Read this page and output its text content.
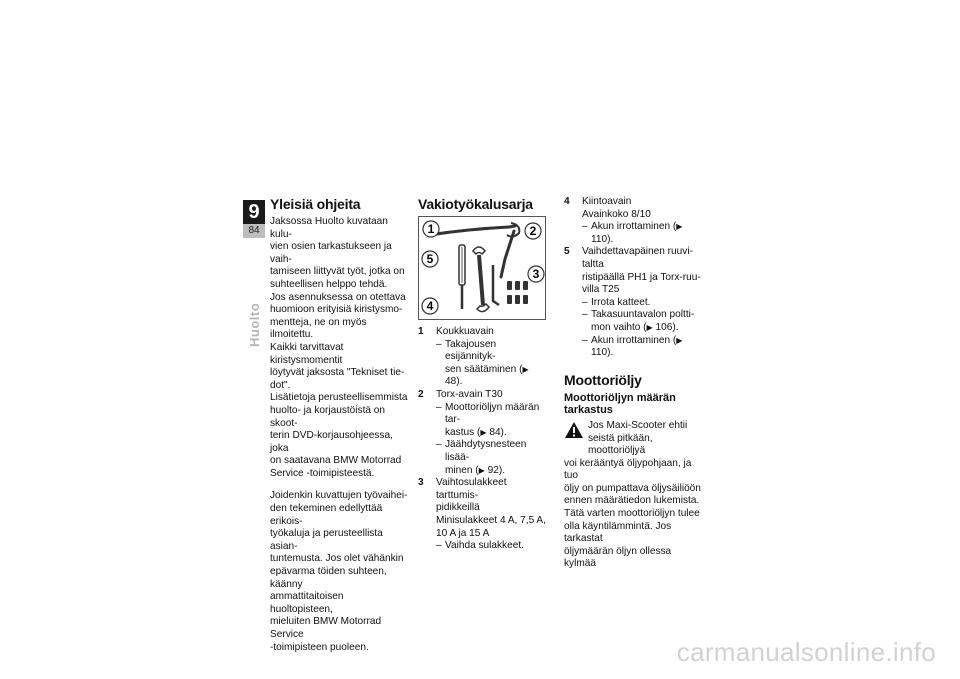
9
84
Huolto
Yleisiä ohjeita

Jaksossa Huolto kuvataan kulu-
vien osien tarkastukseen ja vaih-
tamiseen liittyvät työt, jotka on
suhteellisen helppo tehdä.

Jos asennuksessa on otettava
huomioon erityisiä kiristysmo-
mentteja, ne on myös ilmoitettu.
Kaikki tarvittavat kiristysmomentit
löytyvät jaksosta "Tekniset tie-
dot".

Lisätietoja perusteellisemmista
huolto- ja korjaustöistä on skoot-
terin DVD-korjausohjeessa, joka
on saatavana BMW Motorrad
Service -toimipisteestä.

Joidenkin kuvattujen työvaihei-
den tekeminen edellyttää erikois-
työkaluja ja perusteellista asian-
tuntemusta. Jos olet vähänkin
epävarma töiden suhteen, käänny
ammattitaitoisen huoltopisteen,
mieluiten BMW Motorrad Service
-toimipisteen puoleen.

Vakiotyökalusarja
1	2
3
4
5
1	Koukkuavain
– Takajousen esijännityk-
sen säätäminen (▶ 48).
2	Torx-avain T30
– Moottoriöljyn määrän tar-
kastus (▶ 84).
– Jäähdytysnesteen lisää-
minen (▶ 92).
3	Vaihtosulakkeet tarttumis-
pidikkeillä
Minisulakkeet 4 A, 7,5 A,
10 A ja 15 A
– Vaihda sulakkeet.
4	Kiintoavain
Avainkoko 8/10
– Akun irrottaminen (▶ 110).
5	Vaihdettavapäinen ruuvi-
taltta
ristipäällä PH1 ja Torx-ruu-
villa T25
– Irrota katteet.
– Takasuuntavalon poltti-
mon vaihto (▶ 106).
– Akun irrottaminen (▶ 110).
Moottoriöljy
Moottoriöljyn määrän
tarkastus
Jos Maxi-Scooter ehtii
seistä pitkään, moottoriöljyä
voi kerääntyä öljypohjaan, ja tuo
öljy on pumpattava öljysäiliöön
ennen määrätiedon lukemista.
Tätä varten moottoriöljyn tulee
olla käyntilämmintä. Jos tarkastat
öljymäärän öljyn ollessa kylmää
carmanualsonline.info
